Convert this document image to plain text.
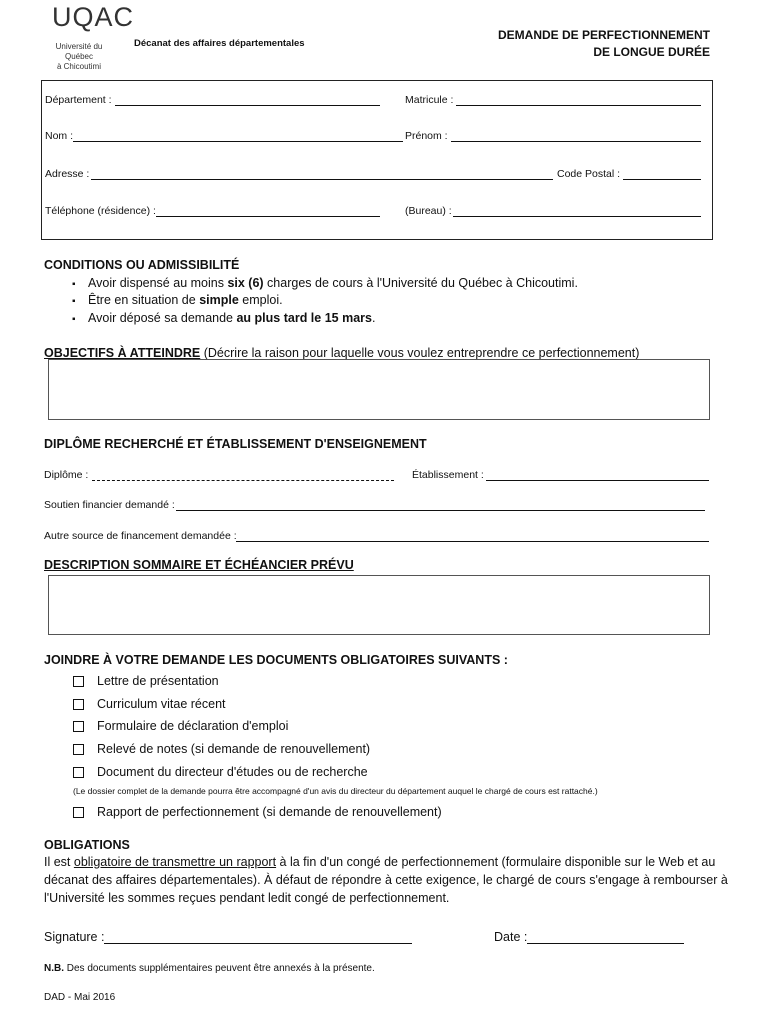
UQAC
Université du Québec
à Chicoutimi
Décanat des affaires départementales
DEMANDE DE PERFECTIONNEMENT
DE LONGUE DURÉE
Département :	Matricule :
Nom :	Prénom :
Adresse :	Code Postal :
Téléphone (résidence) :	(Bureau) :
CONDITIONS OU ADMISSIBILITÉ
▪ Avoir dispensé au moins six (6) charges de cours à l'Université du Québec à Chicoutimi.
▪ Être en situation de simple emploi.
▪ Avoir déposé sa demande au plus tard le 15 mars.
OBJECTIFS À ATTEINDRE (Décrire la raison pour laquelle vous voulez entreprendre ce perfectionnement)
DIPLÔME RECHERCHÉ ET ÉTABLISSEMENT D'ENSEIGNEMENT
Diplôme :	Établissement :
Soutien financier demandé :
Autre source de financement demandée :
DESCRIPTION SOMMAIRE ET ÉCHÉANCIER PRÉVU
JOINDRE À VOTRE DEMANDE LES DOCUMENTS OBLIGATOIRES SUIVANTS :
Lettre de présentation
Curriculum vitae récent
Formulaire de déclaration d'emploi
Relevé de notes (si demande de renouvellement)
Document du directeur d'études ou de recherche
(Le dossier complet de la demande pourra être accompagné d'un avis du directeur du département auquel le chargé de cours est rattaché.)
Rapport de perfectionnement (si demande de renouvellement)
OBLIGATIONS
Il est obligatoire de transmettre un rapport à la fin d'un congé de perfectionnement (formulaire disponible sur le Web et au
décanat des affaires départementales). À défaut de répondre à cette exigence, le chargé de cours s'engage à rembourser à
l'Université les sommes reçues pendant ledit congé de perfectionnement.
Signature :	Date :
N.B. Des documents supplémentaires peuvent être annexés à la présente.
DAD - Mai 2016
